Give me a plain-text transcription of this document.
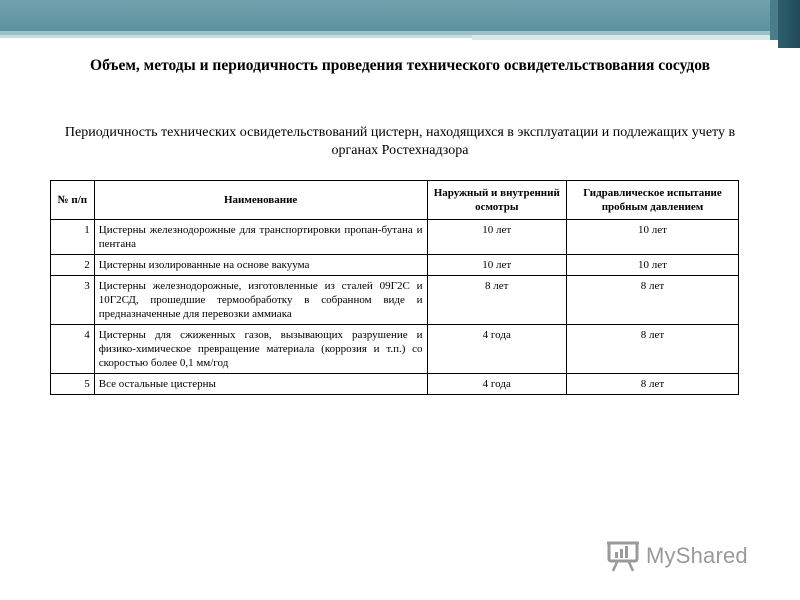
Объем, методы и периодичность проведения технического освидетельствования сосудов
Периодичность технических освидетельствований цистерн, находящихся в эксплуатации и подлежащих учету в органах Ростехнадзора
№ п/п	Наименование	Наружный и внутренний осмотры	Гидравлическое испытание пробным давлением
1	Цистерны железнодорожные для транспортировки пропан-бутана и пентана	10 лет	10 лет
2	Цистерны изолированные на основе вакуума	10 лет	10 лет
3	Цистерны железнодорожные, изготовленные из сталей 09Г2С и 10Г2СД, прошедшие термообработку в собранном виде и предназначенные для перевозки аммиака	8 лет	8 лет
4	Цистерны для сжиженных газов, вызывающих разрушение и физико-химическое превращение материала (коррозия и т.п.) со скоростью более 0,1 мм/год	4 года	8 лет
5	Все остальные цистерны	4 года	8 лет
MyShared
